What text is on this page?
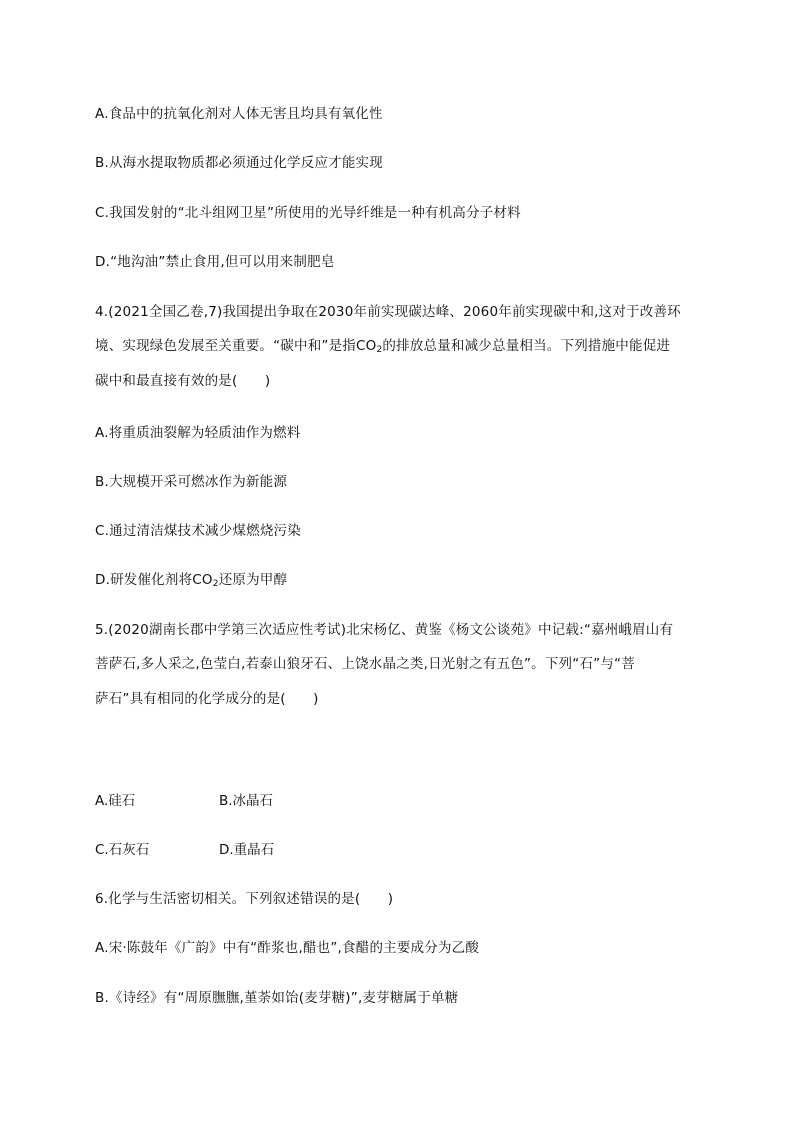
A.食品中的抗氧化剂对人体无害且均具有氧化性

B.从海水提取物质都必须通过化学反应才能实现

C.我国发射的“北斗组网卫星”所使用的光导纤维是一种有机高分子材料

D.“地沟油”禁止食用,但可以用来制肥皂

4.(2021全国乙卷,7)我国提出争取在2030年前实现碳达峰、2060年前实现碳中和,这对于改善环

境、实现绿色发展至关重要。“碳中和”是指$CO_2$的排放总量和减少总量相当。下列措施中能促进

碳中和最直接有效的是(　　)

A.将重质油裂解为轻质油作为燃料

B.大规模开采可燃冰作为新能源

C.通过清洁煤技术减少煤燃烧污染

D.研发催化剂将$CO_2$还原为甲醇

5.(2020湖南长郡中学第三次适应性考试)北宋杨亿、黄鉴《杨文公谈苑》中记载:“嘉州峨眉山有

菩萨石,多人采之,色莹白,若泰山狼牙石、上饶水晶之类,日光射之有五色”。下列“石”与“菩

萨石”具有相同的化学成分的是(　　)

A.硅石	B.冰晶石
C.石灰石	D.重晶石

6.化学与生活密切相关。下列叙述错误的是(　　)

A.宋·陈鼓年《广韵》中有“酢浆也,醋也”,食醋的主要成分为乙酸

B.《诗经》有“周原膴膴,堇荼如饴(麦芽糖)”,麦芽糖属于单糖
